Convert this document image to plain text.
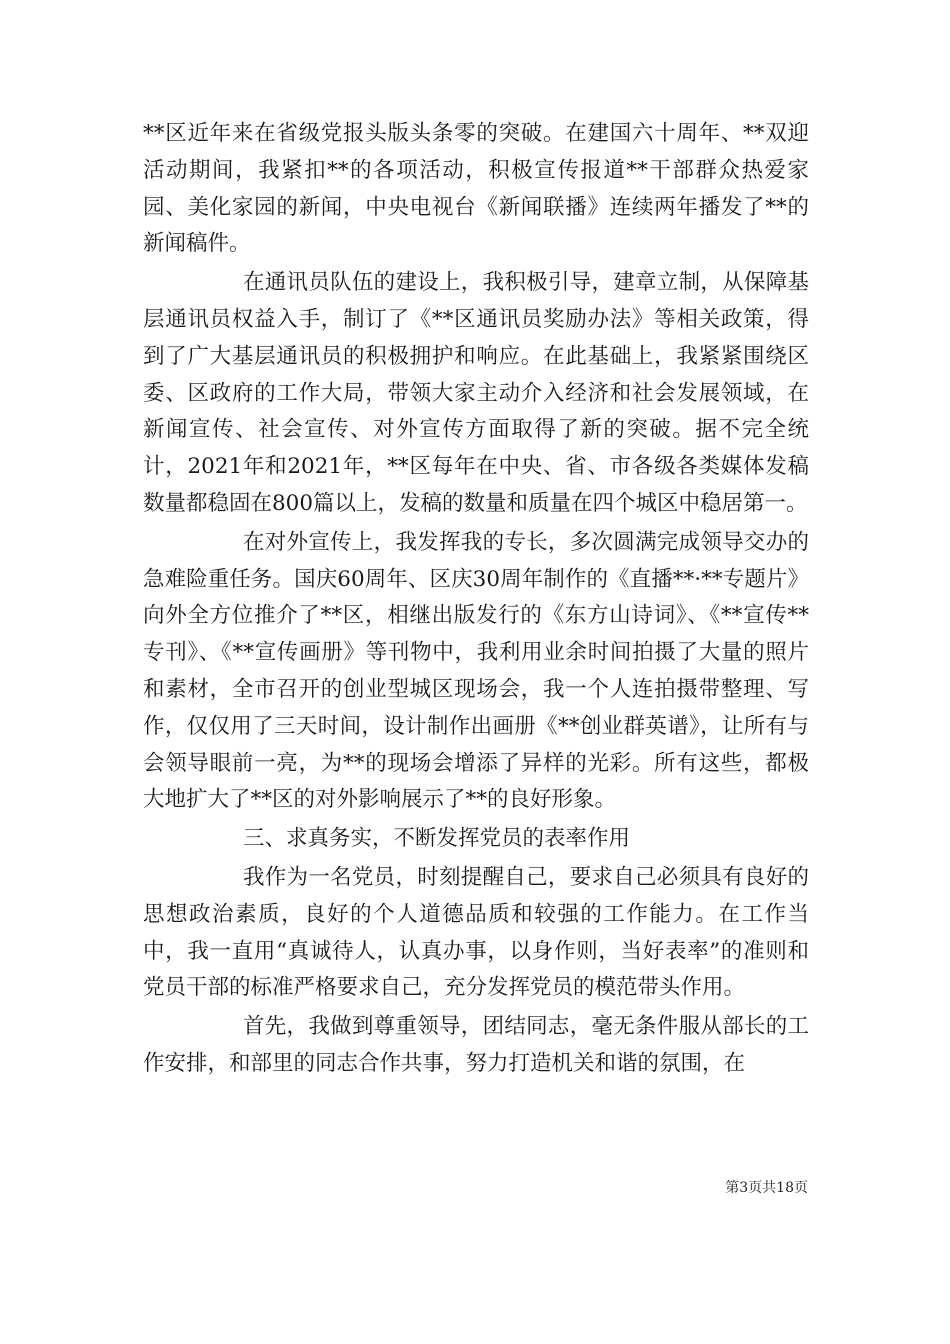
**区近年来在省级党报头版头条零的突破。在建国六十周年、**双迎活动期间，我紧扣**的各项活动，积极宣传报道**干部群众热爱家园、美化家园的新闻，中央电视台《新闻联播》连续两年播发了**的新闻稿件。

在通讯员队伍的建设上，我积极引导，建章立制，从保障基层通讯员权益入手，制订了《**区通讯员奖励办法》等相关政策，得到了广大基层通讯员的积极拥护和响应。在此基础上，我紧紧围绕区委、区政府的工作大局，带领大家主动介入经济和社会发展领域，在新闻宣传、社会宣传、对外宣传方面取得了新的突破。据不完全统计，2021年和2021年，**区每年在中央、省、市各级各类媒体发稿数量都稳固在800篇以上，发稿的数量和质量在四个城区中稳居第一。

在对外宣传上，我发挥我的专长，多次圆满完成领导交办的急难险重任务。国庆60周年、区庆30周年制作的《直播**·**专题片》向外全方位推介了**区，相继出版发行的《东方山诗词》、《**宣传**专刊》、《**宣传画册》等刊物中，我利用业余时间拍摄了大量的照片和素材，全市召开的创业型城区现场会，我一个人连拍摄带整理、写作，仅仅用了三天时间，设计制作出画册《**创业群英谱》，让所有与会领导眼前一亮，为**的现场会增添了异样的光彩。所有这些，都极大地扩大了**区的对外影响展示了**的良好形象。

三、求真务实，不断发挥党员的表率作用

我作为一名党员，时刻提醒自己，要求自己必须具有良好的思想政治素质，良好的个人道德品质和较强的工作能力。在工作当中，我一直用“真诚待人，认真办事，以身作则，当好表率”的准则和党员干部的标准严格要求自己，充分发挥党员的模范带头作用。

首先，我做到尊重领导，团结同志，毫无条件服从部长的工作安排，和部里的同志合作共事，努力打造机关和谐的氛围，在

第3页共18页
